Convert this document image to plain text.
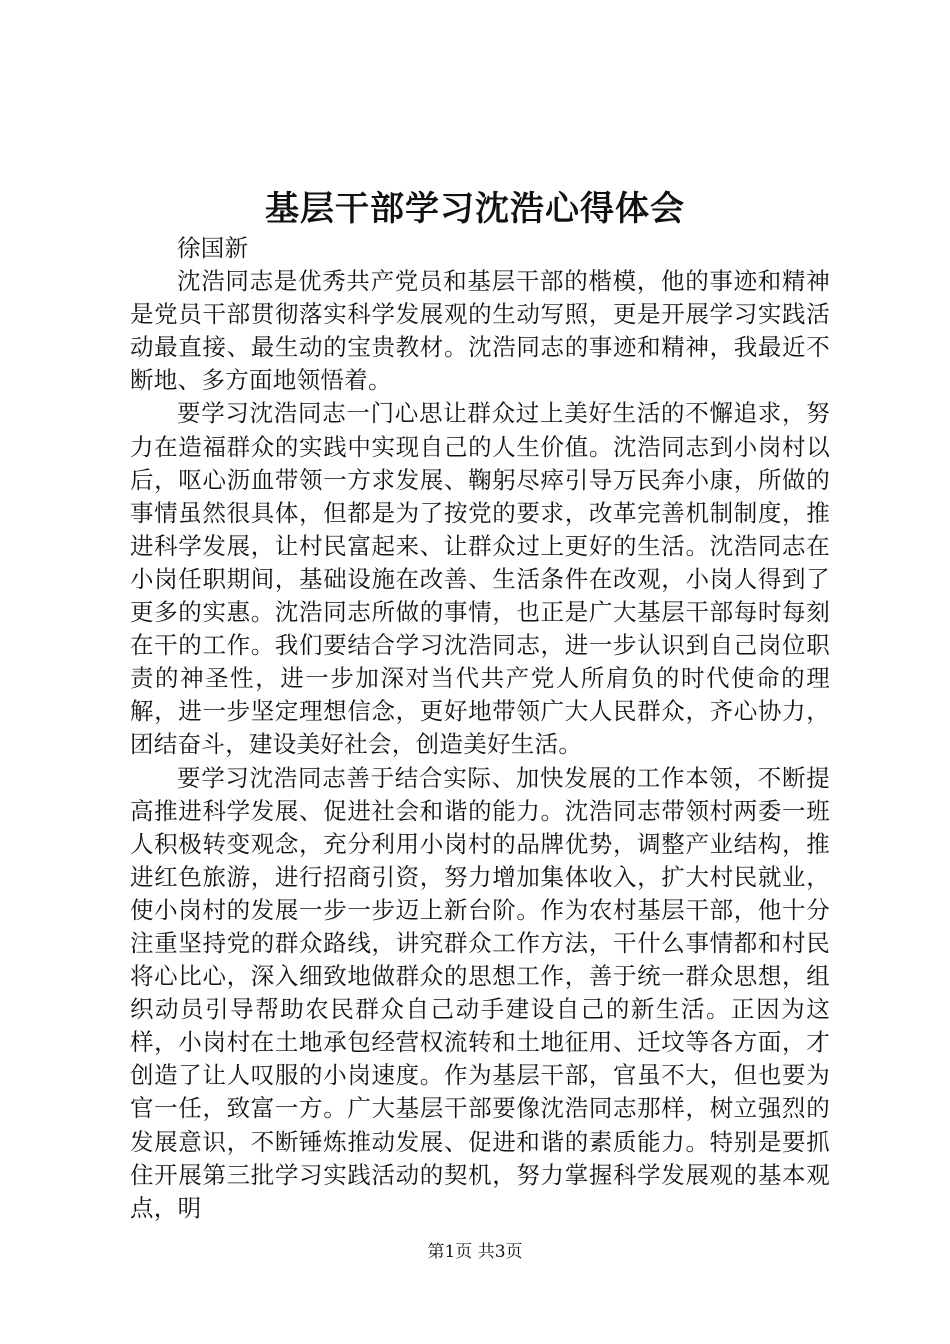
基层干部学习沈浩心得体会

徐国新

沈浩同志是优秀共产党员和基层干部的楷模，他的事迹和精神是党员干部贯彻落实科学发展观的生动写照，更是开展学习实践活动最直接、最生动的宝贵教材。沈浩同志的事迹和精神，我最近不断地、多方面地领悟着。

要学习沈浩同志一门心思让群众过上美好生活的不懈追求，努力在造福群众的实践中实现自己的人生价值。沈浩同志到小岗村以后，呕心沥血带领一方求发展、鞠躬尽瘁引导万民奔小康，所做的事情虽然很具体，但都是为了按党的要求，改革完善机制制度，推进科学发展，让村民富起来、让群众过上更好的生活。沈浩同志在小岗任职期间，基础设施在改善、生活条件在改观，小岗人得到了更多的实惠。沈浩同志所做的事情，也正是广大基层干部每时每刻在干的工作。我们要结合学习沈浩同志，进一步认识到自己岗位职责的神圣性，进一步加深对当代共产党人所肩负的时代使命的理解，进一步坚定理想信念，更好地带领广大人民群众，齐心协力，团结奋斗，建设美好社会，创造美好生活。

要学习沈浩同志善于结合实际、加快发展的工作本领，不断提高推进科学发展、促进社会和谐的能力。沈浩同志带领村两委一班人积极转变观念，充分利用小岗村的品牌优势，调整产业结构，推进红色旅游，进行招商引资，努力增加集体收入，扩大村民就业，使小岗村的发展一步一步迈上新台阶。作为农村基层干部，他十分注重坚持党的群众路线，讲究群众工作方法，干什么事情都和村民将心比心，深入细致地做群众的思想工作，善于统一群众思想，组织动员引导帮助农民群众自己动手建设自己的新生活。正因为这样，小岗村在土地承包经营权流转和土地征用、迁坟等各方面，才创造了让人叹服的小岗速度。作为基层干部，官虽不大，但也要为官一任，致富一方。广大基层干部要像沈浩同志那样，树立强烈的发展意识，不断锤炼推动发展、促进和谐的素质能力。特别是要抓住开展第三批学习实践活动的契机，努力掌握科学发展观的基本观点，明

第1页 共3页
